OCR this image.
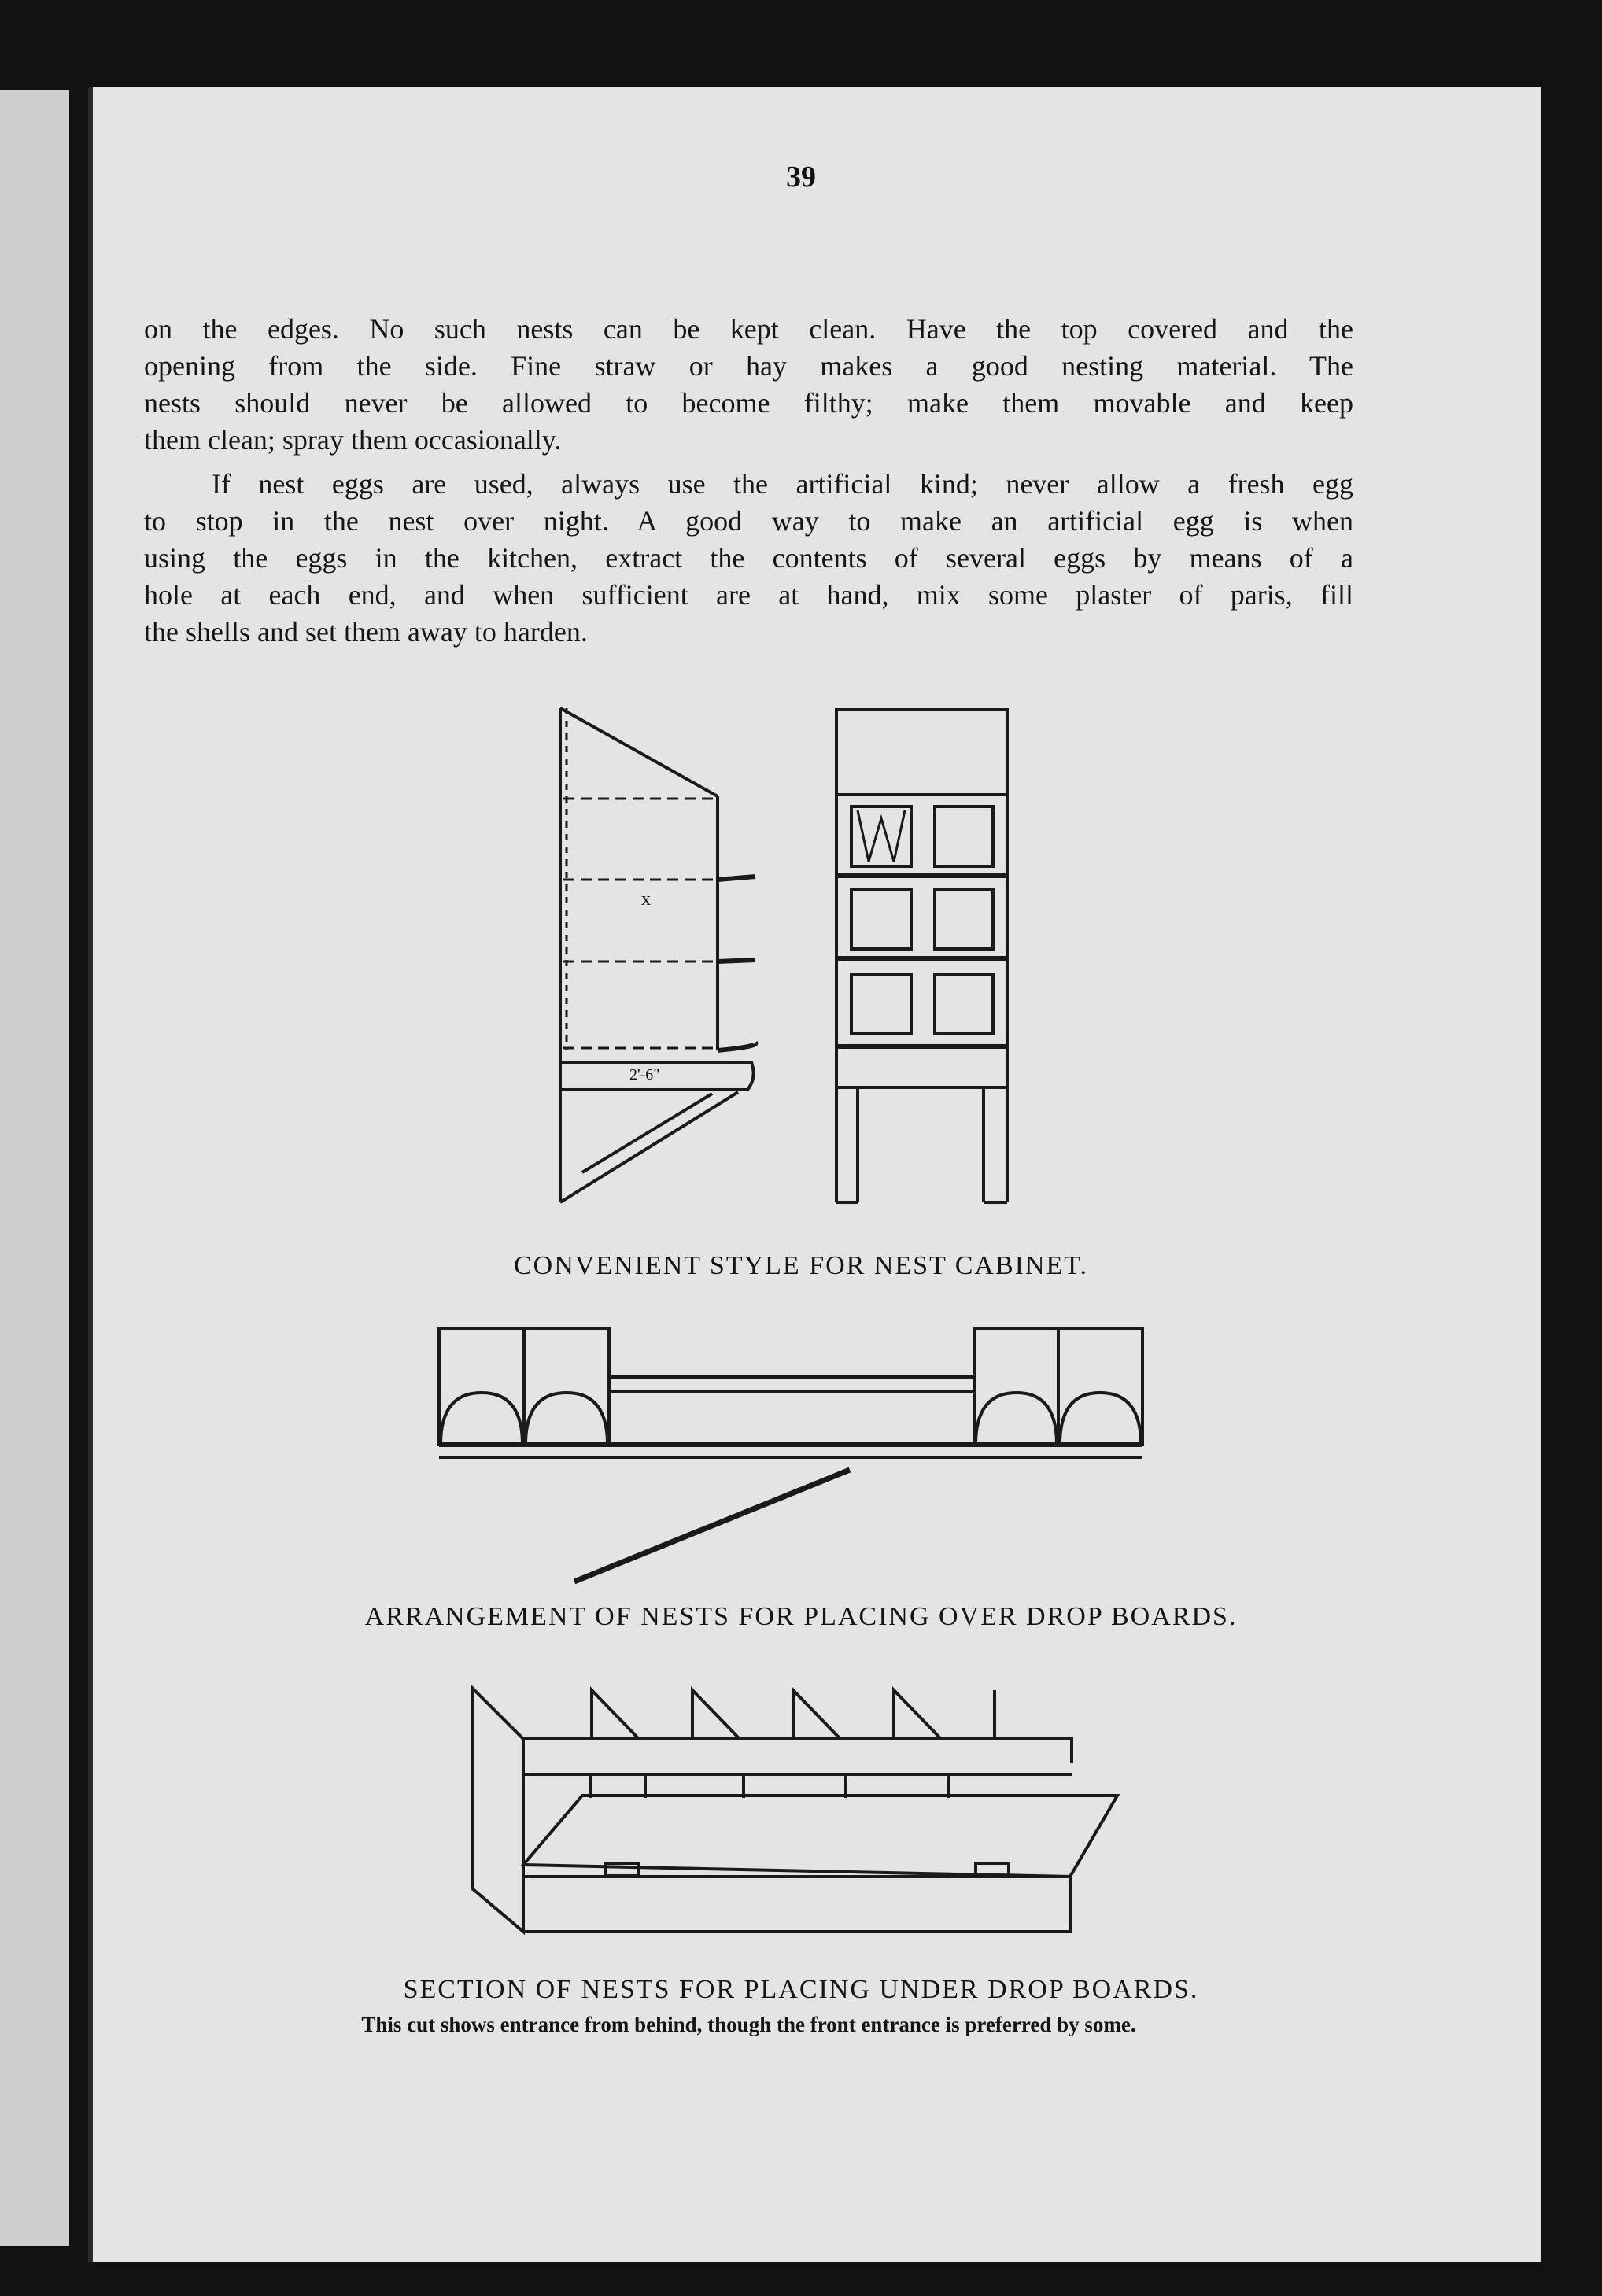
39

on the edges. No such nests can be kept clean. Have the top covered and the
opening from the side. Fine straw or hay makes a good nesting material. The
nests should never be allowed to become filthy; make them movable and keep
them clean; spray them occasionally.

If nest eggs are used, always use the artificial kind; never allow a fresh egg
to stop in the nest over night. A good way to make an artificial egg is when
using the eggs in the kitchen, extract the contents of several eggs by means of a
hole at each end, and when sufficient are at hand, mix some plaster of paris, fill
the shells and set them away to harden.

2'-6"
x
CONVENIENT STYLE FOR NEST CABINET.
ARRANGEMENT OF NESTS FOR PLACING OVER DROP BOARDS.
SECTION OF NESTS FOR PLACING UNDER DROP BOARDS.
This cut shows entrance from behind, though the front entrance is preferred by some.
